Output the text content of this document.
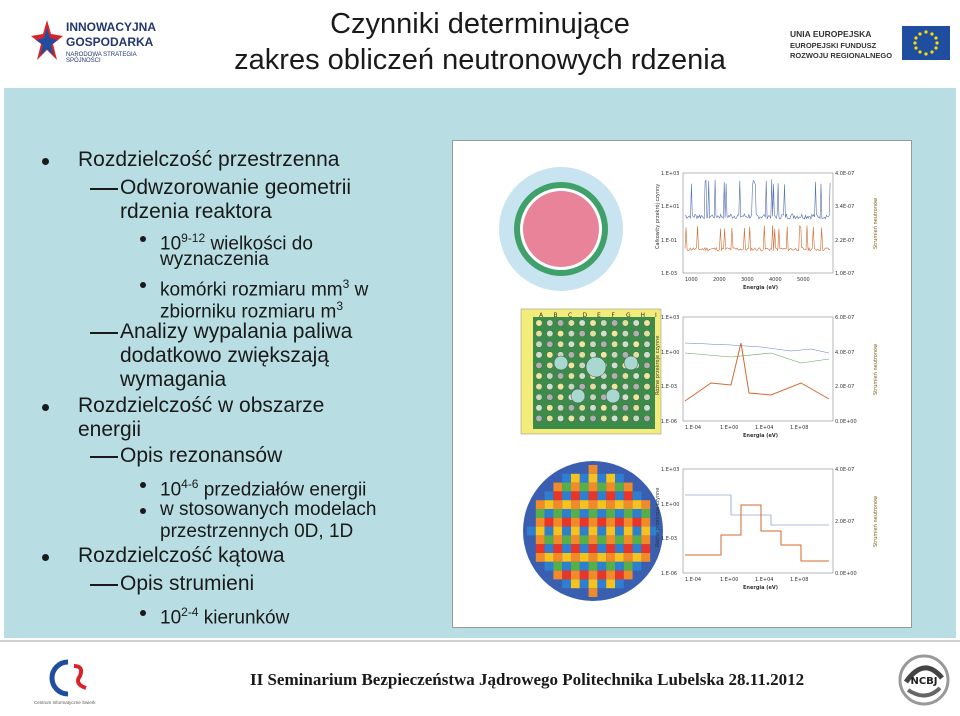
INNOWACYJNA
GOSPODARKA
NARODOWA STRATEGIA SPÓJNOŚCI
Czynniki determinujące
zakres obliczeń neutronowych rdzenia
UNIA EUROPEJSKA
EUROPEJSKI FUNDUSZ
ROZWOJU REGIONALNEGO
Rozdzielczość przestrzenna
Odwzorowanie geometrii
rdzenia reaktora
10$^{9-12}$ wielkości do
wyznaczenia
komórki rozmiaru $mm^3$ w
zbiorniku rozmiaru $m^3$
Analizy wypalania paliwa
dodatkowo zwiększają
wymagania
Rozdzielczość w obszarze
energii
Opis rezonansów
10$^{4-6}$ przedziałów energii
w stosowanych modelach
przestrzennych 0D, 1D
Rozdzielczość kątowa
Opis strumieni
10$^{2-4}$ kierunków
A B C D E F G H I
1.E+03
1.E+01
1.E-01
1.E-03
4.0E-07
3.4E-07
2.2E-07
1.0E-07
1000	2000	3000	4000	5000
Energia (eV)
Całkowity przekrój czynny	Strumień neutronów
1.E+03
1.E+00
1.E-03
1.E-06
6.0E-07
4.0E-07
2.0E-07
0.0E+00
1.E-04	1.E+00	1.E+04	1.E+08
Energia (eV)
Różne przekroje czynne	Strumień neutronów
1.E+03
1.E+00
1.E-03
1.E-06
4.0E-07
2.0E-07
0.0E+00
1.E-04	1.E+00	1.E+04	1.E+08
Energia (eV)
Różne przekroje czynne	Strumień neutronów
Centrum Informatyczne Świerk
II Seminarium Bezpieczeństwa Jądrowego Politechnika Lubelska 28.11.2012	NCBJ
